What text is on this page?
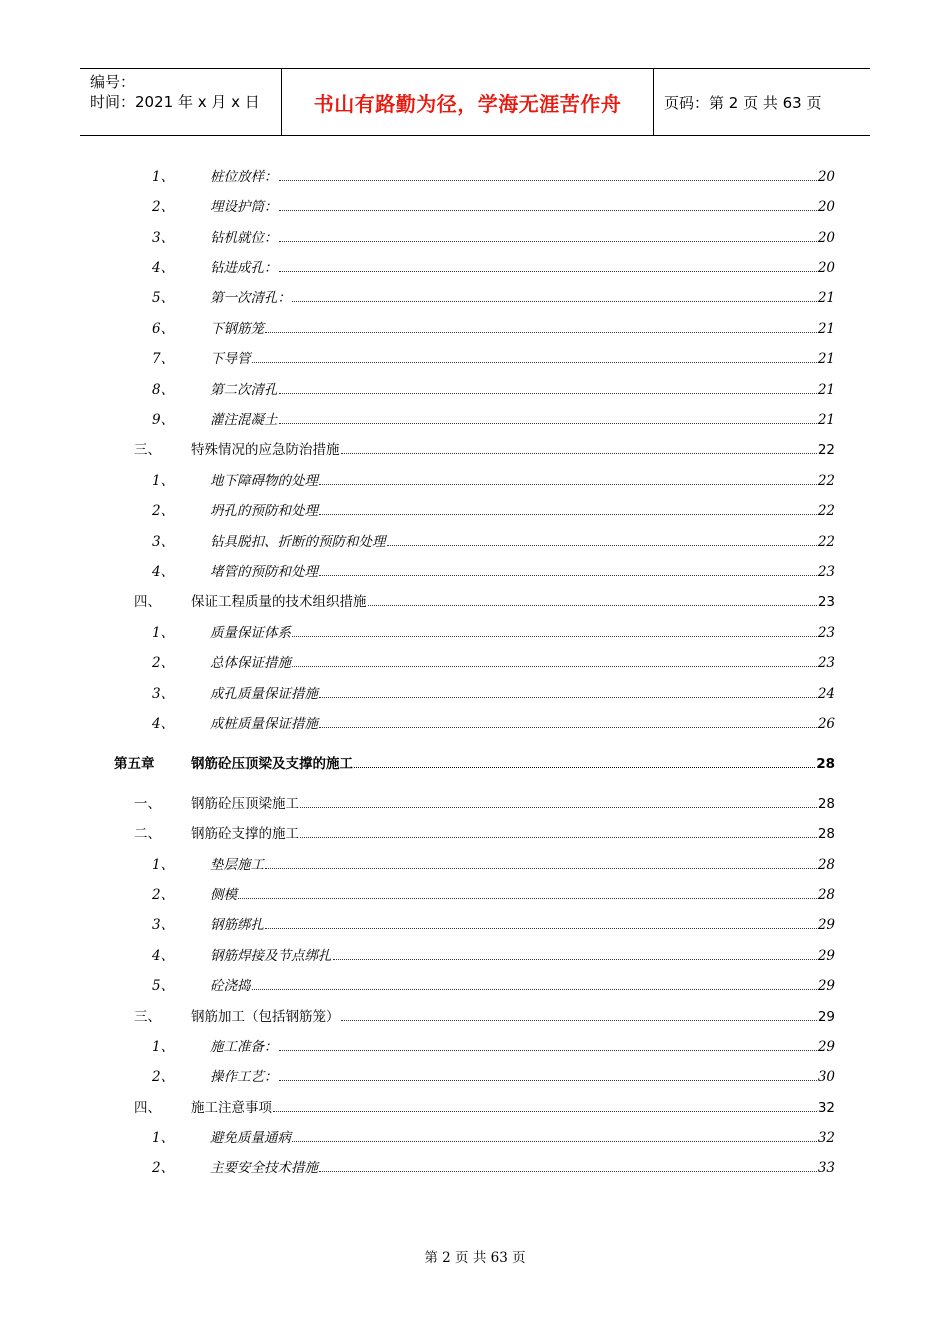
编号：
时间：2021 年 x 月 x 日	书山有路勤为径，学海无涯苦作舟	页码：第 2 页 共 63 页
1、	桩位放样：	20
2、	埋设护筒：	20
3、	钻机就位：	20
4、	钻进成孔：	20
5、	第一次清孔：	21
6、	下钢筋笼	21
7、	下导管	21
8、	第二次清孔	21
9、	灌注混凝土	21
三、 特殊情况的应急防治措施	22
1、	地下障碍物的处理	22
2、	坍孔的预防和处理	22
3、	钻具脱扣、折断的预防和处理	22
4、	堵管的预防和处理	23
四、 保证工程质量的技术组织措施	23
1、	质量保证体系	23
2、	总体保证措施	23
3、	成孔质量保证措施	24
4、	成桩质量保证措施	26
第五章	钢筋砼压顶梁及支撑的施工	28
一、 钢筋砼压顶梁施工	28
二、 钢筋砼支撑的施工	28
1、	垫层施工	28
2、	侧模	28
3、	钢筋绑扎	29
4、	钢筋焊接及节点绑扎	29
5、	砼浇捣	29
三、 钢筋加工（包括钢筋笼）	29
1、	施工准备：	29
2、	操作工艺：	30
四、 施工注意事项	32
1、	避免质量通病	32
2、	主要安全技术措施	33
第 2 页 共 63 页
